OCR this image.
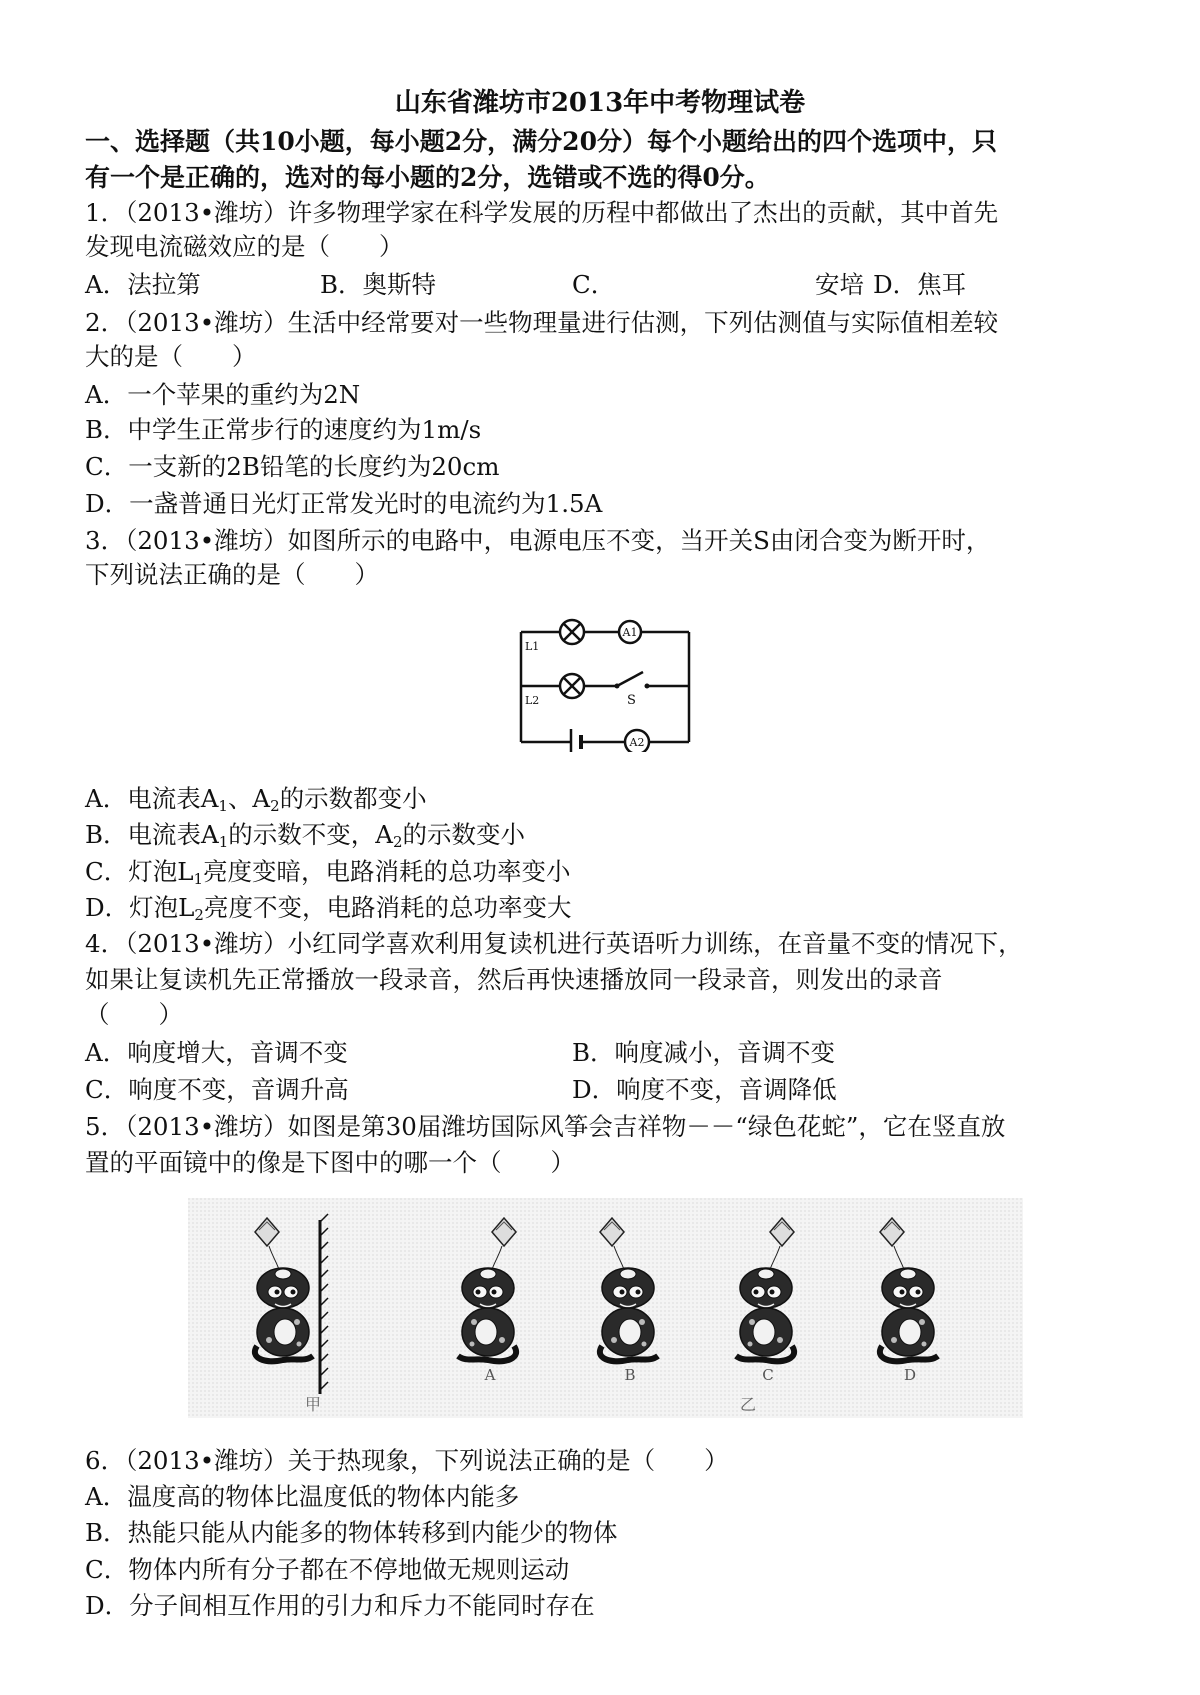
山东省潍坊市2013年中考物理试卷
一、选择题（共10小题，每小题2分，满分20分）每个小题给出的四个选项中，只
有一个是正确的，选对的每小题的2分，选错或不选的得0分。
1．（2013•潍坊）许多物理学家在科学发展的历程中都做出了杰出的贡献，其中首先
发现电流磁效应的是（　　）
A．法拉第	B．奥斯特	C．	安培 D．焦耳
2．（2013•潍坊）生活中经常要对一些物理量进行估测，下列估测值与实际值相差较
大的是（　　）
A．一个苹果的重约为2N
B．中学生正常步行的速度约为1m/s
C．一支新的2B铅笔的长度约为20cm
D．一盏普通日光灯正常发光时的电流约为1.5A
3．（2013•潍坊）如图所示的电路中，电源电压不变，当开关S由闭合变为断开时，
下列说法正确的是（　　）
A1
L1
L2	S
A2
A．电流表$A_1$、$A_2$的示数都变小
B．电流表$A_1$的示数不变，$A_2$的示数变小
C．灯泡$L_1$亮度变暗，电路消耗的总功率变小
D．灯泡$L_2$亮度不变，电路消耗的总功率变大
4．（2013•潍坊）小红同学喜欢利用复读机进行英语听力训练，在音量不变的情况下，
如果让复读机先正常播放一段录音，然后再快速播放同一段录音，则发出的录音
（　　）
A．响度增大，音调不变	B．响度减小，音调不变
C．响度不变，音调升高	D．响度不变，音调降低
5．（2013•潍坊）如图是第30届潍坊国际风筝会吉祥物－－“绿色花蛇”，它在竖直放
置的平面镜中的像是下图中的哪一个（　　）
A	B	C	D
甲	乙
6．（2013•潍坊）关于热现象，下列说法正确的是（　　）
A．温度高的物体比温度低的物体内能多
B．热能只能从内能多的物体转移到内能少的物体
C．物体内所有分子都在不停地做无规则运动
D．分子间相互作用的引力和斥力不能同时存在
